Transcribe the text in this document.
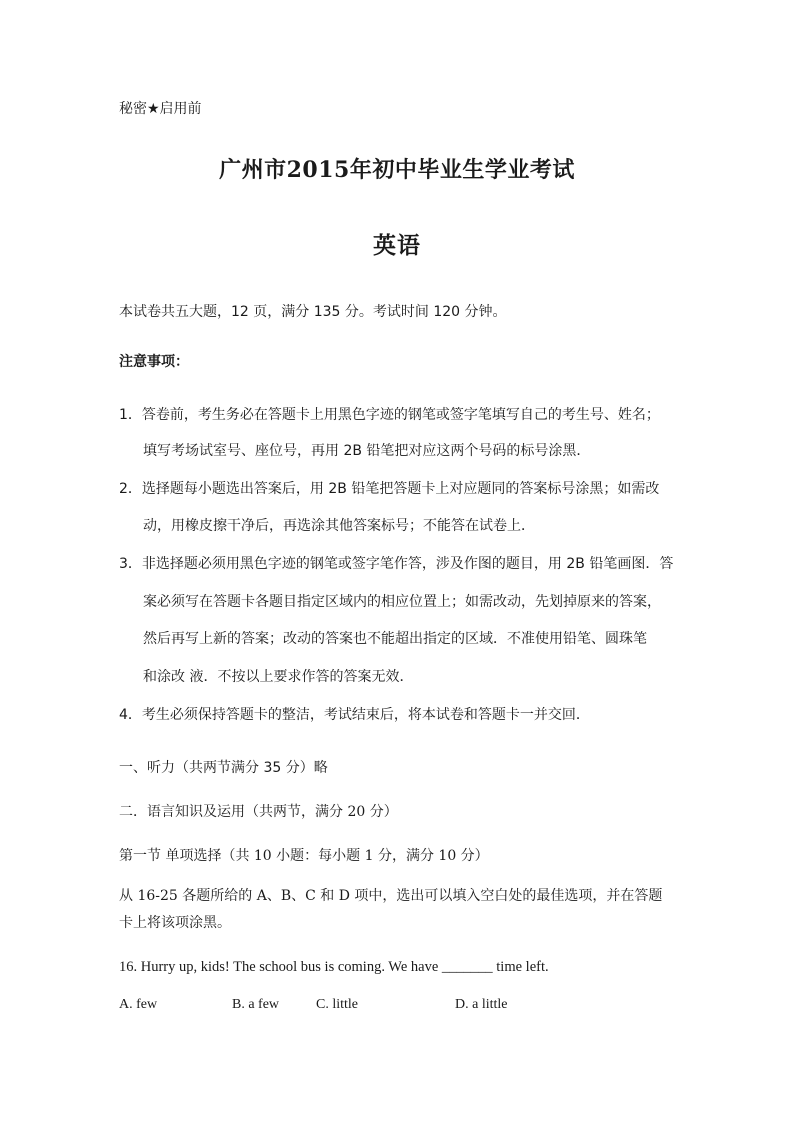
秘密★启用前
广州市2015年初中毕业生学业考试
英语
本试卷共五大题，12 页，满分 135 分。考试时间 120 分钟。
注意事项：
1．答卷前，考生务必在答题卡上用黑色字迹的钢笔或签字笔填写自己的考生号、姓名；
填写考场试室号、座位号，再用 2B 铅笔把对应这两个号码的标号涂黑．
2．选择题每小题选出答案后，用 2B 铅笔把答题卡上对应题同的答案标号涂黑；如需改
动，用橡皮擦干净后，再选涂其他答案标号；不能答在试卷上．
3．非选择题必须用黑色字迹的钢笔或签字笔作答，涉及作图的题目，用 2B 铅笔画图．答
案必须写在答题卡各题目指定区域内的相应位置上；如需改动，先划掉原来的答案，
然后再写上新的答案；改动的答案也不能超出指定的区域．不准使用铅笔、圆珠笔
和涂改 液．不按以上要求作答的答案无效．
4．考生必须保持答题卡的整洁，考试结束后，将本试卷和答题卡一并交回．
一、听力（共两节满分 35 分）略
二．语言知识及运用（共两节，满分 20 分）
第一节 单项选择（共 10 小题：每小题 1 分，满分 10 分）
从 16-25 各题所给的 A、B、C 和 D 项中，选出可以填入空白处的最佳选项，并在答题
卡上将该项涂黑。
16. Hurry up, kids! The school bus is coming. We have _______ time left.
A. few	B. a few	C. little	D. a little
